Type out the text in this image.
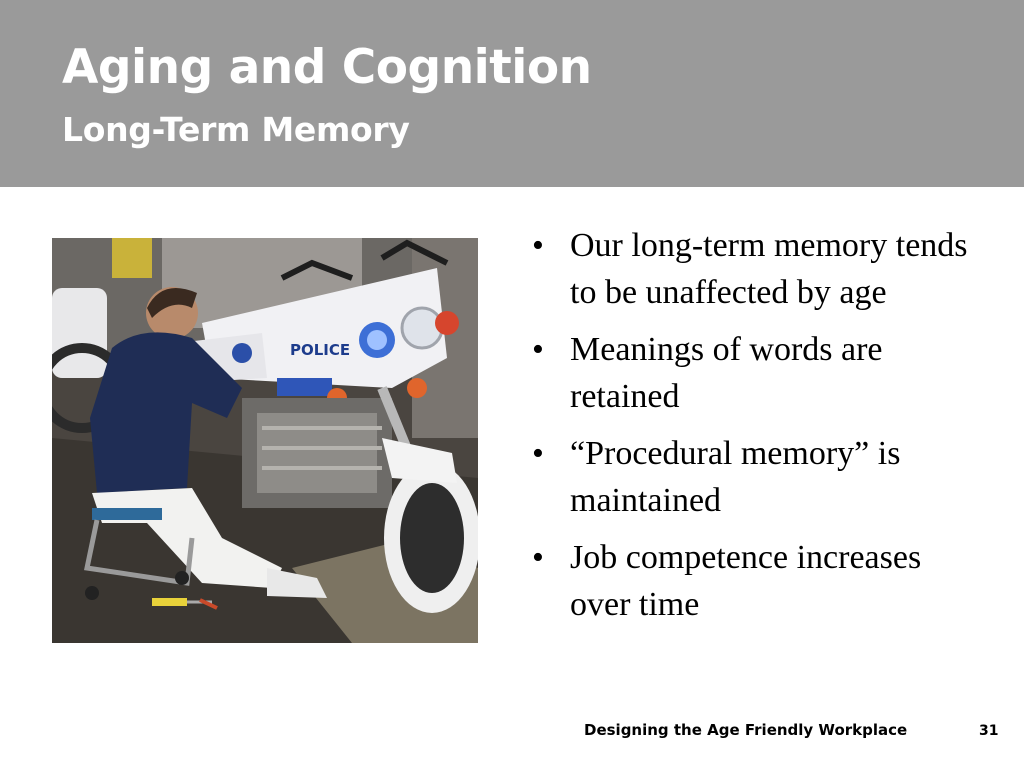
Aging and Cognition
Long-Term Memory
POLICE
• Our long-term memory tends to be unaffected by age
• Meanings of words are retained
• “Procedural memory” is maintained
• Job competence increases over time
Designing the Age Friendly Workplace	31
